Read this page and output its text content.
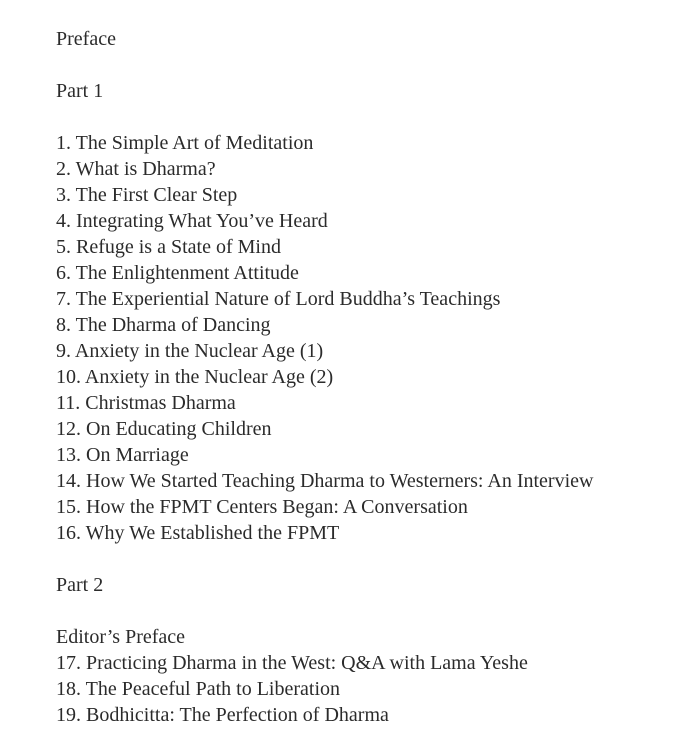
Preface
Part 1
1. The Simple Art of Meditation
2. What is Dharma?
3. The First Clear Step
4. Integrating What You’ve Heard
5. Refuge is a State of Mind
6. The Enlightenment Attitude
7. The Experiential Nature of Lord Buddha’s Teachings
8. The Dharma of Dancing
9. Anxiety in the Nuclear Age (1)
10. Anxiety in the Nuclear Age (2)
11. Christmas Dharma
12. On Educating Children
13. On Marriage
14. How We Started Teaching Dharma to Westerners: An Interview
15. How the FPMT Centers Began: A Conversation
16. Why We Established the FPMT
Part 2
Editor’s Preface
17. Practicing Dharma in the West: Q&A with Lama Yeshe
18. The Peaceful Path to Liberation
19. Bodhicitta: The Perfection of Dharma
